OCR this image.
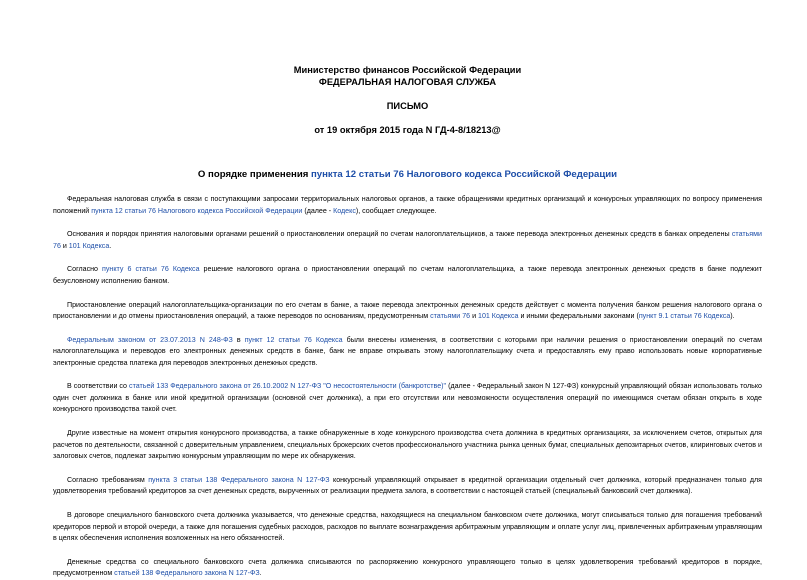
Министерство финансов Российской Федерации
ФЕДЕРАЛЬНАЯ НАЛОГОВАЯ СЛУЖБА
ПИСЬМО
от 19 октября 2015 года N ГД-4-8/18213@
О порядке применения пункта 12 статьи 76 Налогового кодекса Российской Федерации

Федеральная налоговая служба в связи с поступающими запросами территориальных налоговых органов, а также обращениями кредитных организаций и конкурсных управляющих по вопросу применения положений пункта 12 статьи 76 Налогового кодекса Российской Федерации (далее - Кодекс), сообщает следующее.

Основания и порядок принятия налоговыми органами решений о приостановлении операций по счетам налогоплательщиков, а также перевода электронных денежных средств в банках определены статьями 76 и 101 Кодекса.

Согласно пункту 6 статьи 76 Кодекса решение налогового органа о приостановлении операций по счетам налогоплательщика, а также перевода электронных денежных средств в банке подлежит безусловному исполнению банком.

Приостановление операций налогоплательщика-организации по его счетам в банке, а также перевода электронных денежных средств действует с момента получения банком решения налогового органа о приостановлении и до отмены приостановления операций, а также переводов по основаниям, предусмотренным статьями 76 и 101 Кодекса и иными федеральными законами (пункт 9.1 статьи 76 Кодекса).

Федеральным законом от 23.07.2013 N 248-ФЗ в пункт 12 статьи 76 Кодекса были внесены изменения, в соответствии с которыми при наличии решения о приостановлении операций по счетам налогоплательщика и переводов его электронных денежных средств в банке, банк не вправе открывать этому налогоплательщику счета и предоставлять ему право использовать новые корпоративные электронные средства платежа для переводов электронных денежных средств.

В соответствии со статьей 133 Федерального закона от 26.10.2002 N 127-ФЗ "О несостоятельности (банкротстве)" (далее - Федеральный закон N 127-ФЗ) конкурсный управляющий обязан использовать только один счет должника в банке или иной кредитной организации (основной счет должника), а при его отсутствии или невозможности осуществления операций по имеющимся счетам обязан открыть в ходе конкурсного производства такой счет.

Другие известные на момент открытия конкурсного производства, а также обнаруженные в ходе конкурсного производства счета должника в кредитных организациях, за исключением счетов, открытых для расчетов по деятельности, связанной с доверительным управлением, специальных брокерских счетов профессионального участника рынка ценных бумаг, специальных депозитарных счетов, клиринговых счетов и залоговых счетов, подлежат закрытию конкурсным управляющим по мере их обнаружения.

Согласно требованиям пункта 3 статьи 138 Федерального закона N 127-ФЗ конкурсный управляющий открывает в кредитной организации отдельный счет должника, который предназначен только для удовлетворения требований кредиторов за счет денежных средств, вырученных от реализации предмета залога, в соответствии с настоящей статьей (специальный банковский счет должника).

В договоре специального банковского счета должника указывается, что денежные средства, находящиеся на специальном банковском счете должника, могут списываться только для погашения требований кредиторов первой и второй очереди, а также для погашения судебных расходов, расходов по выплате вознаграждения арбитражным управляющим и оплате услуг лиц, привлеченных арбитражным управляющим в целях обеспечения исполнения возложенных на него обязанностей.

Денежные средства со специального банковского счета должника списываются по распоряжению конкурсного управляющего только в целях удовлетворения требований кредиторов в порядке, предусмотренном статьей 138 Федерального закона N 127-ФЗ.
